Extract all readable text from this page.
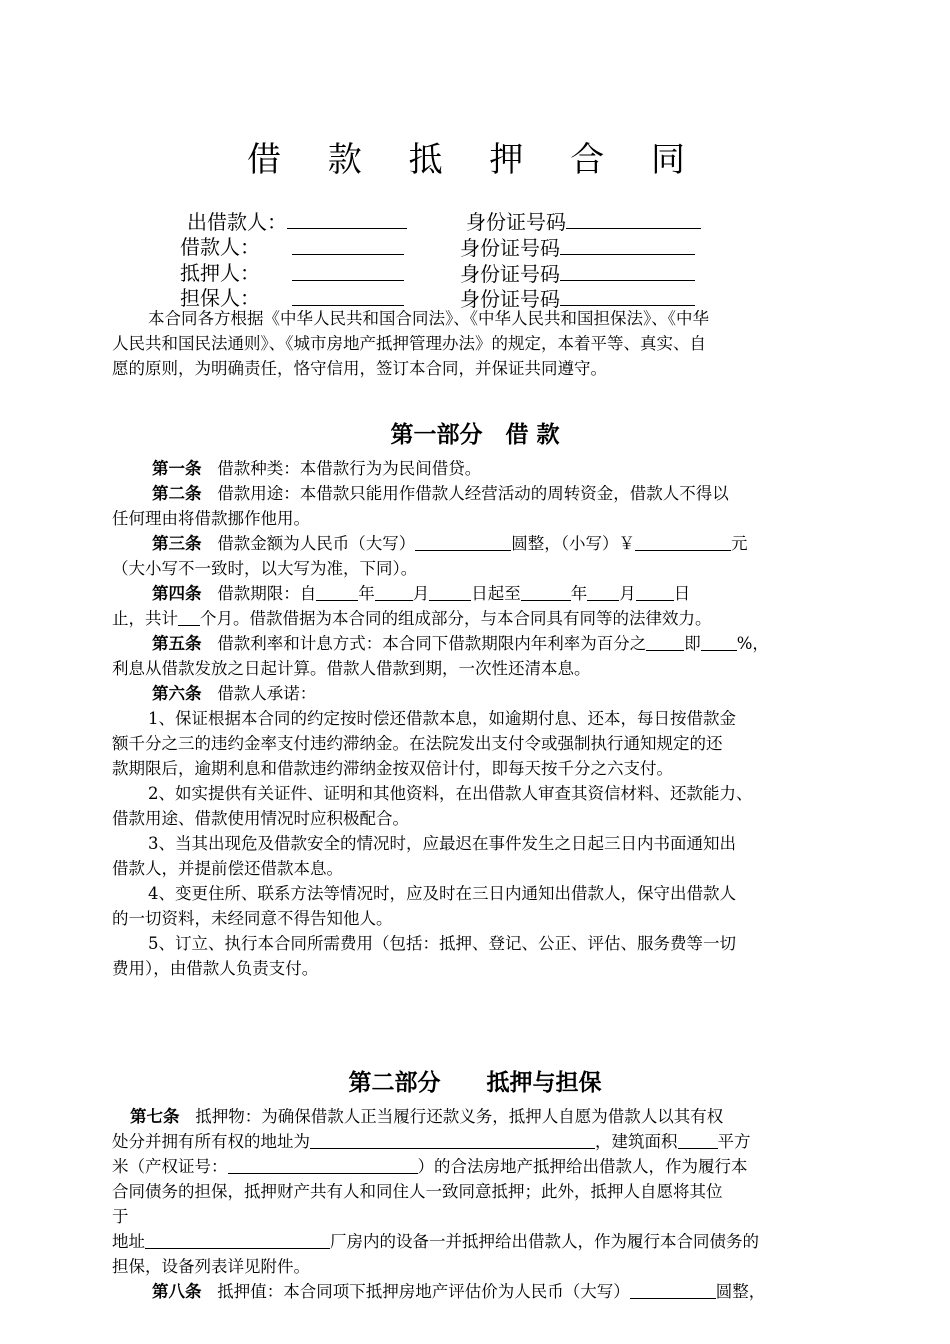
借 款 抵 押 合 同
出借款人：	身份证号码
借款人：	身份证号码
抵押人：	身份证号码
担保人：	身份证号码
本合同各方根据《中华人民共和国合同法》、《中华人民共和国担保法》、《中华
人民共和国民法通则》、《城市房地产抵押管理办法》的规定，本着平等、真实、自
愿的原则，为明确责任，恪守信用，签订本合同，并保证共同遵守。
第一部分　借 款
第一条 借款种类：本借款行为为民间借贷。
第二条 借款用途：本借款只能用作借款人经营活动的周转资金，借款人不得以
任何理由将借款挪作他用。
第三条 借款金额为人民币（大写）	圆整，（小写）￥	元
（大小写不一致时，以大写为准，下同）。
第四条 借款期限：自	年 月	日起至	年 月 日
止，共计 个月。借款借据为本合同的组成部分，与本合同具有同等的法律效力。
第五条 借款利率和计息方式：本合同下借款期限内年利率为百分之 即 %，
利息从借款发放之日起计算。借款人借款到期，一次性还清本息。
第六条 借款人承诺：
1、保证根据本合同的约定按时偿还借款本息，如逾期付息、还本，每日按借款金
额千分之三的违约金率支付违约滞纳金。在法院发出支付令或强制执行通知规定的还
款期限后，逾期利息和借款违约滞纳金按双倍计付，即每天按千分之六支付。
2、如实提供有关证件、证明和其他资料，在出借款人审查其资信材料、还款能力、
借款用途、借款使用情况时应积极配合。
3、当其出现危及借款安全的情况时，应最迟在事件发生之日起三日内书面通知出
借款人，并提前偿还借款本息。
4、变更住所、联系方法等情况时，应及时在三日内通知出借款人，保守出借款人
的一切资料，未经同意不得告知他人。
5、订立、执行本合同所需费用（包括：抵押、登记、公正、评估、服务费等一切
费用），由借款人负责支付。
第二部分　　抵押与担保
第七条 抵押物：为确保借款人正当履行还款义务，抵押人自愿为借款人以其有权
处分并拥有所有权的地址为	，建筑面积 平方
米（产权证号：	）的合法房地产抵押给出借款人，作为履行本
合同债务的担保，抵押财产共有人和同住人一致同意抵押；此外，抵押人自愿将其位
于
地址	厂房内的设备一并抵押给出借款人，作为履行本合同债务的
担保，设备列表详见附件。
第八条 抵押值：本合同项下抵押房地产评估价为人民币（大写）	圆整，
